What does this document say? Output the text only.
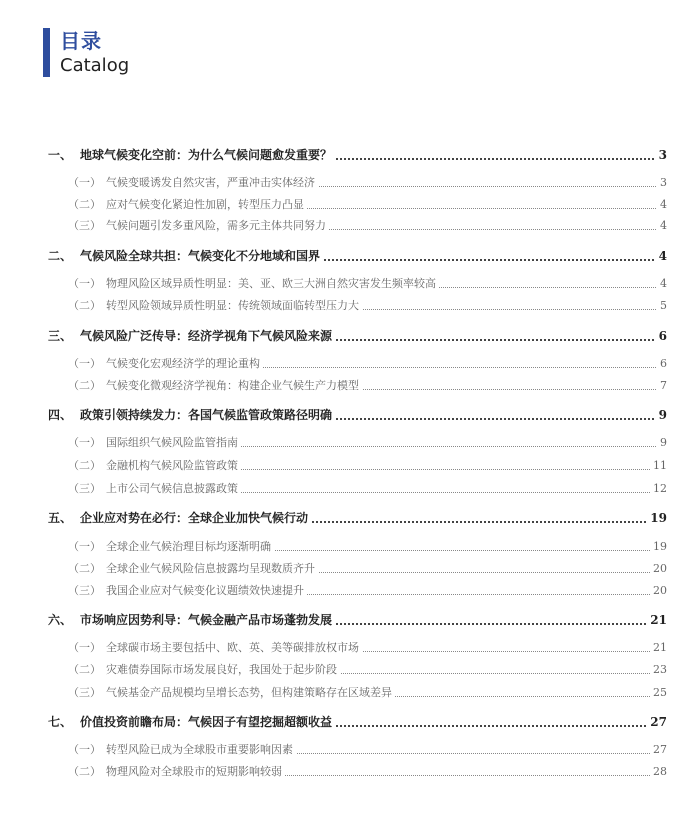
目录
Catalog
一、 地球气候变化空前：为什么气候问题愈发重要？	3
（一） 气候变暖诱发自然灾害，严重冲击实体经济	3
（二） 应对气候变化紧迫性加剧，转型压力凸显	4
（三） 气候问题引发多重风险，需多元主体共同努力	4
二、 气候风险全球共担：气候变化不分地域和国界	4
（一） 物理风险区域异质性明显：美、亚、欧三大洲自然灾害发生频率较高	4
（二） 转型风险领域异质性明显：传统领域面临转型压力大	5
三、 气候风险广泛传导：经济学视角下气候风险来源	6
（一） 气候变化宏观经济学的理论重构	6
（二） 气候变化微观经济学视角：构建企业气候生产力模型	7
四、 政策引领持续发力：各国气候监管政策路径明确	9
（一） 国际组织气候风险监管指南	9
（二） 金融机构气候风险监管政策	11
（三） 上市公司气候信息披露政策	12
五、 企业应对势在必行：全球企业加快气候行动	19
（一） 全球企业气候治理目标均逐渐明确	19
（二） 全球企业气候风险信息披露均呈现数质齐升	20
（三） 我国企业应对气候变化议题绩效快速提升	20
六、 市场响应因势利导：气候金融产品市场蓬勃发展	21
（一） 全球碳市场主要包括中、欧、英、美等碳排放权市场	21
（二） 灾难债券国际市场发展良好，我国处于起步阶段	23
（三） 气候基金产品规模均呈增长态势，但构建策略存在区域差异	25
七、 价值投资前瞻布局：气候因子有望挖掘超额收益	27
（一） 转型风险已成为全球股市重要影响因素	27
（二） 物理风险对全球股市的短期影响较弱	28
